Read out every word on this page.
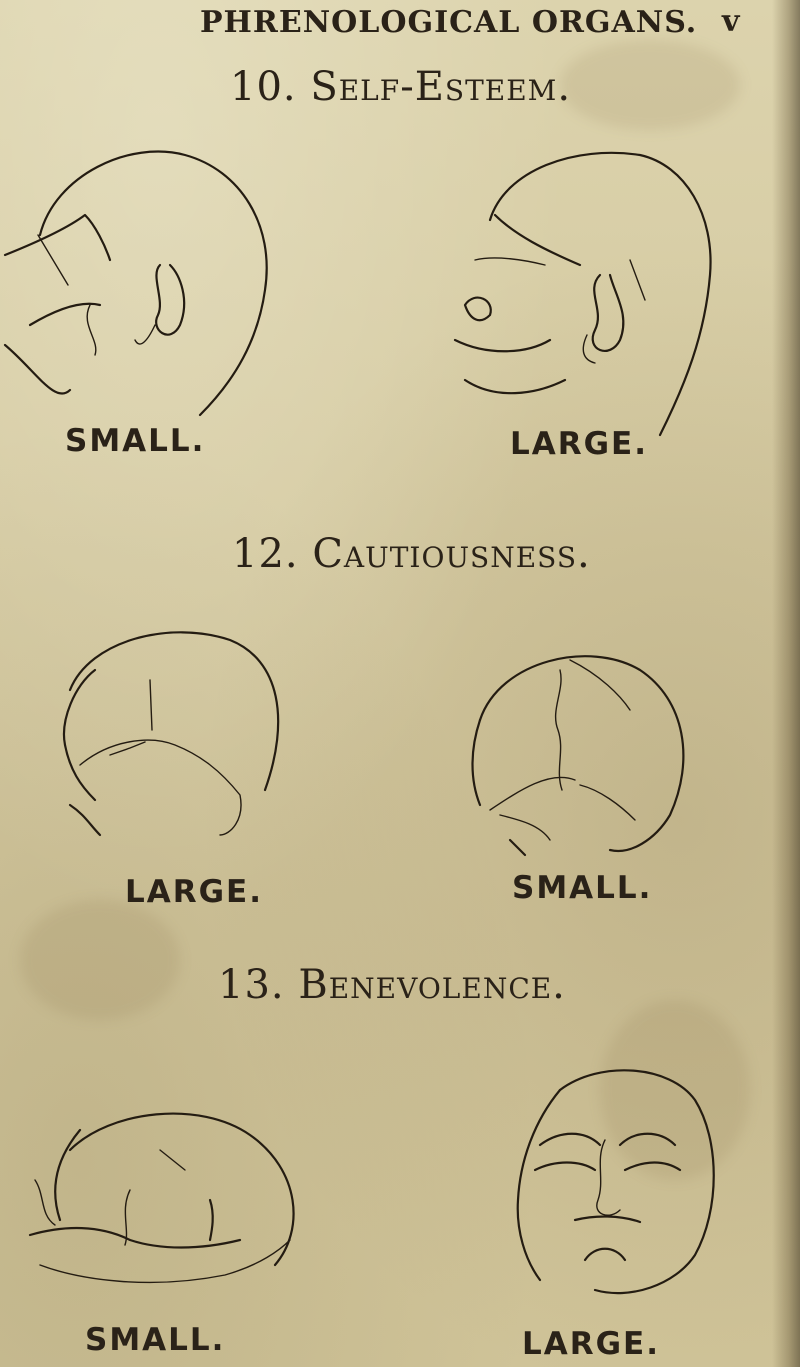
PHRENOLOGICAL ORGANS. v
10. Self-Esteem.
SMALL.	LARGE.
12. Cautiousness.
LARGE.	SMALL.
13. Benevolence.
SMALL.	LARGE.
